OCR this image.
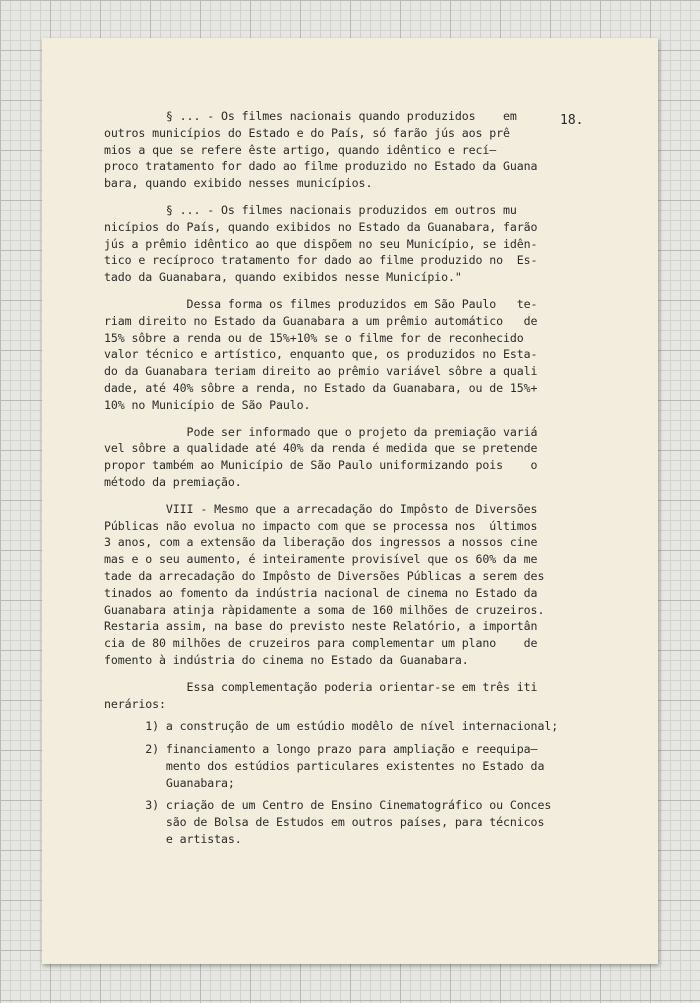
18.
§ ... - Os filmes nacionais quando produzidos    em
outros municípios do Estado e do País, só farão jús aos prê
mios a que se refere êste artigo, quando idêntico e recí—
proco tratamento for dado ao filme produzido no Estado da Guana
bara, quando exibido nesses municípios.
§ ... - Os filmes nacionais produzidos em outros mu
nicípios do País, quando exibidos no Estado da Guanabara, farão
jús a prêmio idêntico ao que dispõem no seu Município, se idên-
tico e recíproco tratamento for dado ao filme produzido no  Es-
tado da Guanabara, quando exibidos nesse Município."
Dessa forma os filmes produzidos em São Paulo   te-
riam direito no Estado da Guanabara a um prêmio automático   de
15% sôbre a renda ou de 15%+10% se o filme for de reconhecido
valor técnico e artístico, enquanto que, os produzidos no Esta-
do da Guanabara teriam direito ao prêmio variável sôbre a quali
dade, até 40% sôbre a renda, no Estado da Guanabara, ou de 15%+
10% no Município de São Paulo.
Pode ser informado que o projeto da premiação variá
vel sôbre a qualidade até 40% da renda é medida que se pretende
propor também ao Município de São Paulo uniformizando pois    o
método da premiação.
VIII - Mesmo que a arrecadação do Impôsto de Diversões
Públicas não evolua no impacto com que se processa nos  últimos
3 anos, com a extensão da liberação dos ingressos a nossos cine
mas e o seu aumento, é inteiramente provisível que os 60% da me
tade da arrecadação do Impôsto de Diversões Públicas a serem des
tinados ao fomento da indústria nacional de cinema no Estado da
Guanabara atinja ràpidamente a soma de 160 milhões de cruzeiros.
Restaria assim, na base do previsto neste Relatório, a importân
cia de 80 milhões de cruzeiros para complementar um plano    de
fomento à indústria do cinema no Estado da Guanabara.
Essa complementação poderia orientar-se em três iti
nerários:
1) a construção de um estúdio modêlo de nível internacional;
2) financiamento a longo prazo para ampliação e reequipa—
mento dos estúdios particulares existentes no Estado da
Guanabara;
3) criação de um Centro de Ensino Cinematográfico ou Conces
são de Bolsa de Estudos em outros países, para técnicos
e artistas.
